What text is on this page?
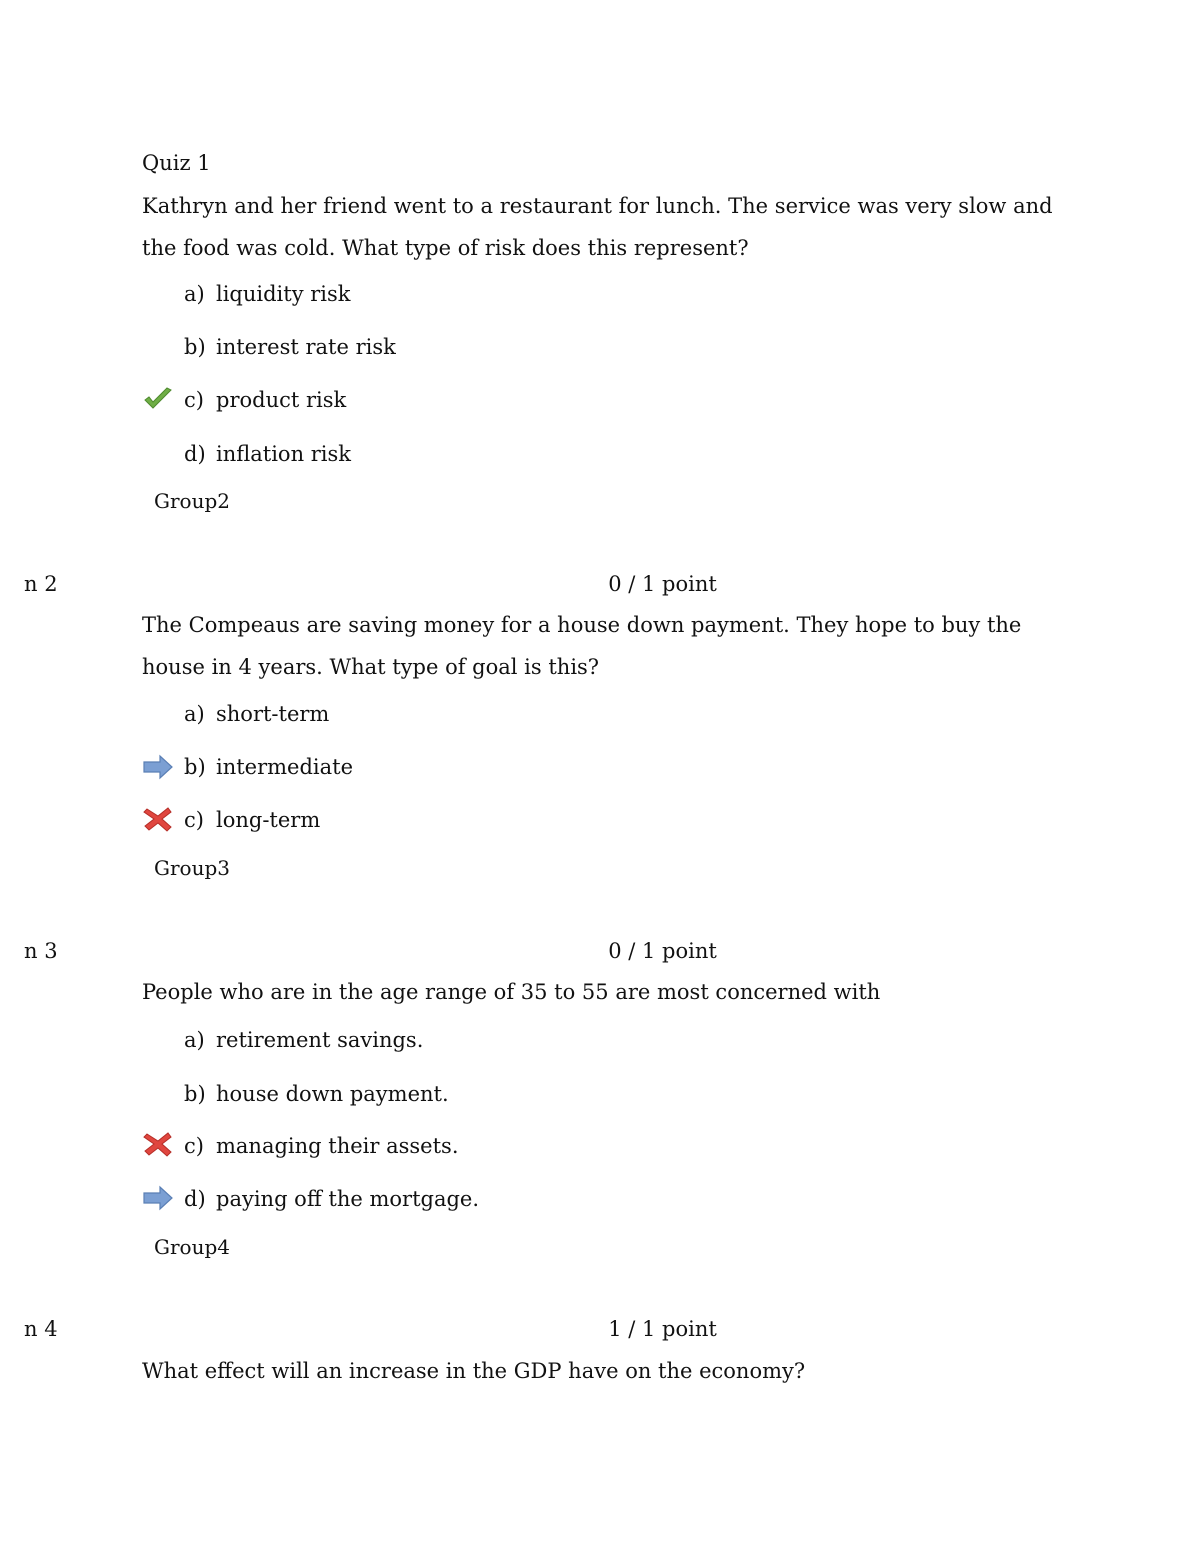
Quiz 1
Kathryn and her friend went to a restaurant for lunch. The service was very slow and the food was cold. What type of risk does this represent?
a) liquidity risk
b) interest rate risk
c) product risk
d) inflation risk
Group2
n 2	0 / 1 point
The Compeaus are saving money for a house down payment. They hope to buy the house in 4 years. What type of goal is this?
a) short-term
b) intermediate
c) long-term
Group3
n 3	0 / 1 point
People who are in the age range of 35 to 55 are most concerned with
a) retirement savings.
b) house down payment.
c) managing their assets.
d) paying off the mortgage.
Group4
n 4	1 / 1 point
What effect will an increase in the GDP have on the economy?
